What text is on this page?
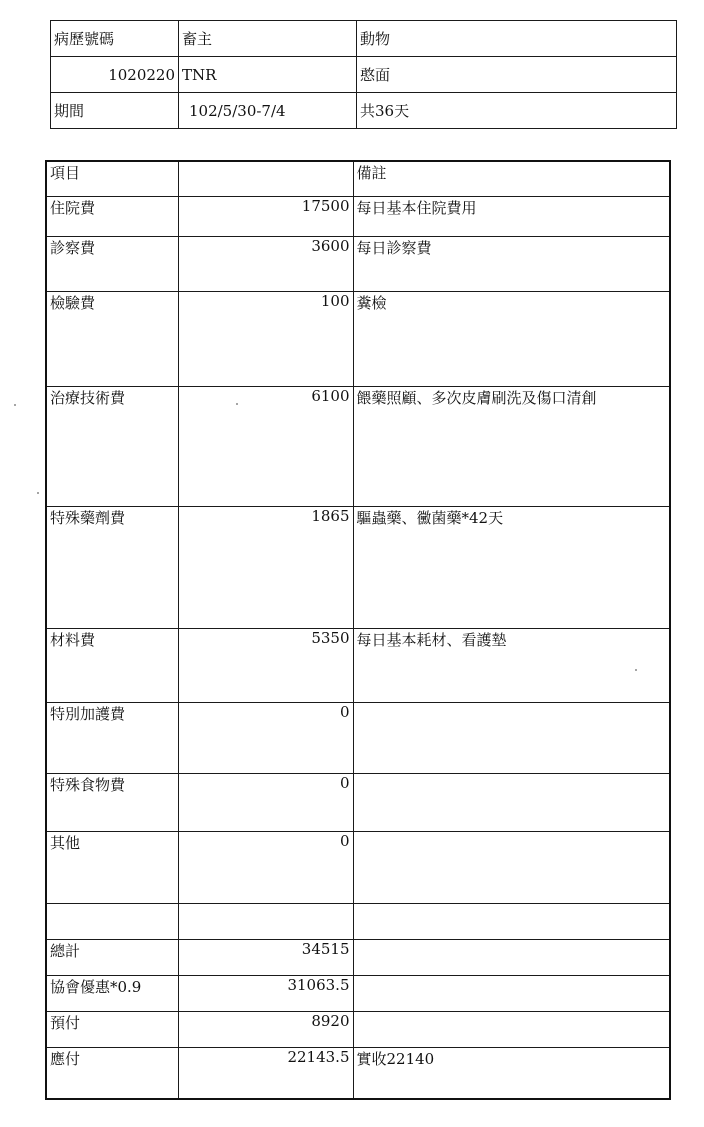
病歷號碼	畜主	動物
1020220	TNR	憨面
期間	102/5/30-7/4	共36天
項目		備註
住院費	17500	每日基本住院費用
診察費	3600	每日診察費
檢驗費	100	糞檢
治療技術費	6100	餵藥照顧、多次皮膚刷洗及傷口清創
特殊藥劑費	1865	驅蟲藥、黴菌藥*42天
材料費	5350	每日基本耗材、看護墊
特別加護費	0	
特殊食物費	0	
其他	0	

總計	34515	
協會優惠*0.9	31063.5	
預付	8920	
應付	22143.5	實收22140
